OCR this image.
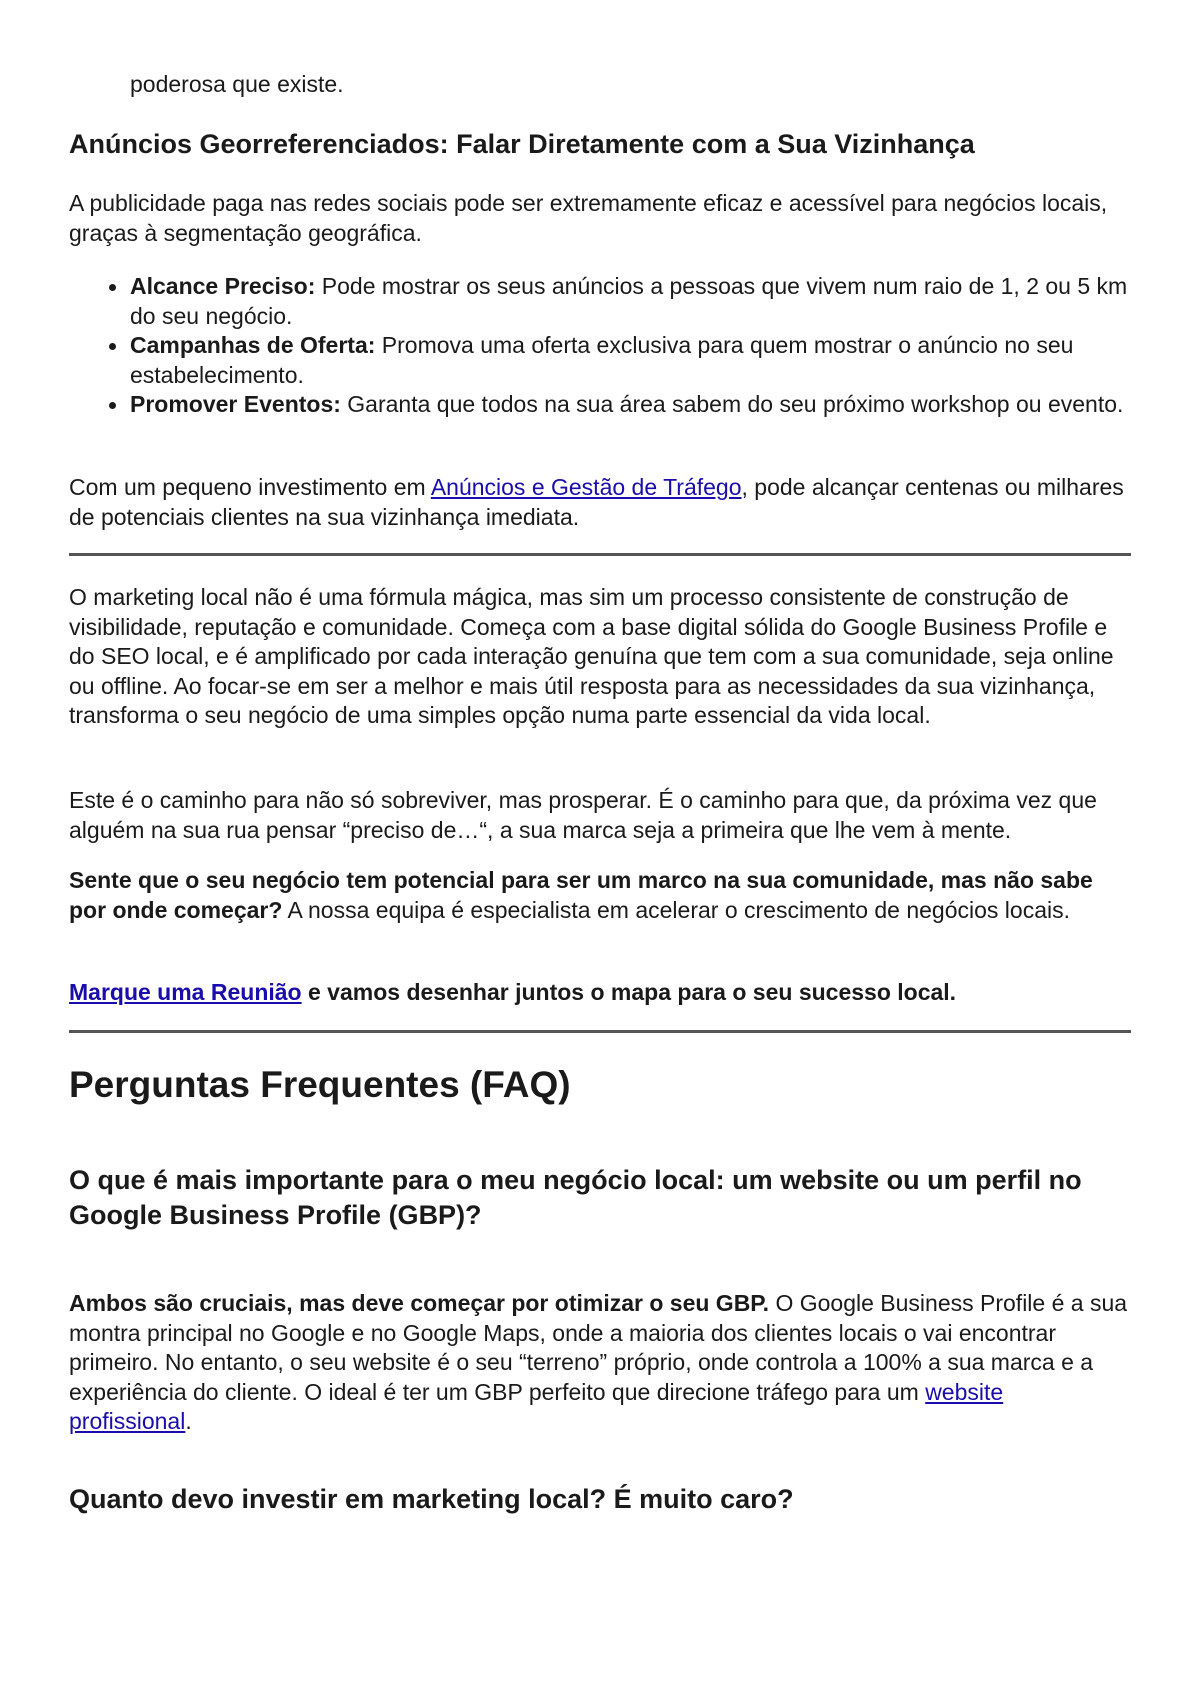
poderosa que existe.

Anúncios Georreferenciados: Falar Diretamente com a Sua Vizinhança

A publicidade paga nas redes sociais pode ser extremamente eficaz e acessível para negócios locais, graças à segmentação geográfica.

Alcance Preciso: Pode mostrar os seus anúncios a pessoas que vivem num raio de 1, 2 ou 5 km do seu negócio.
Campanhas de Oferta: Promova uma oferta exclusiva para quem mostrar o anúncio no seu estabelecimento.
Promover Eventos: Garanta que todos na sua área sabem do seu próximo workshop ou evento.

Com um pequeno investimento em Anúncios e Gestão de Tráfego, pode alcançar centenas ou milhares de potenciais clientes na sua vizinhança imediata.

O marketing local não é uma fórmula mágica, mas sim um processo consistente de construção de visibilidade, reputação e comunidade. Começa com a base digital sólida do Google Business Profile e do SEO local, e é amplificado por cada interação genuína que tem com a sua comunidade, seja online ou offline. Ao focar-se em ser a melhor e mais útil resposta para as necessidades da sua vizinhança, transforma o seu negócio de uma simples opção numa parte essencial da vida local.

Este é o caminho para não só sobreviver, mas prosperar. É o caminho para que, da próxima vez que alguém na sua rua pensar “preciso de…“, a sua marca seja a primeira que lhe vem à mente.

Sente que o seu negócio tem potencial para ser um marco na sua comunidade, mas não sabe por onde começar? A nossa equipa é especialista em acelerar o crescimento de negócios locais.

Marque uma Reunião e vamos desenhar juntos o mapa para o seu sucesso local.

Perguntas Frequentes (FAQ)
O que é mais importante para o meu negócio local: um website ou um perfil no Google Business Profile (GBP)?

Ambos são cruciais, mas deve começar por otimizar o seu GBP. O Google Business Profile é a sua montra principal no Google e no Google Maps, onde a maioria dos clientes locais o vai encontrar primeiro. No entanto, o seu website é o seu “terreno” próprio, onde controla a 100% a sua marca e a experiência do cliente. O ideal é ter um GBP perfeito que direcione tráfego para um website profissional.

Quanto devo investir em marketing local? É muito caro?
